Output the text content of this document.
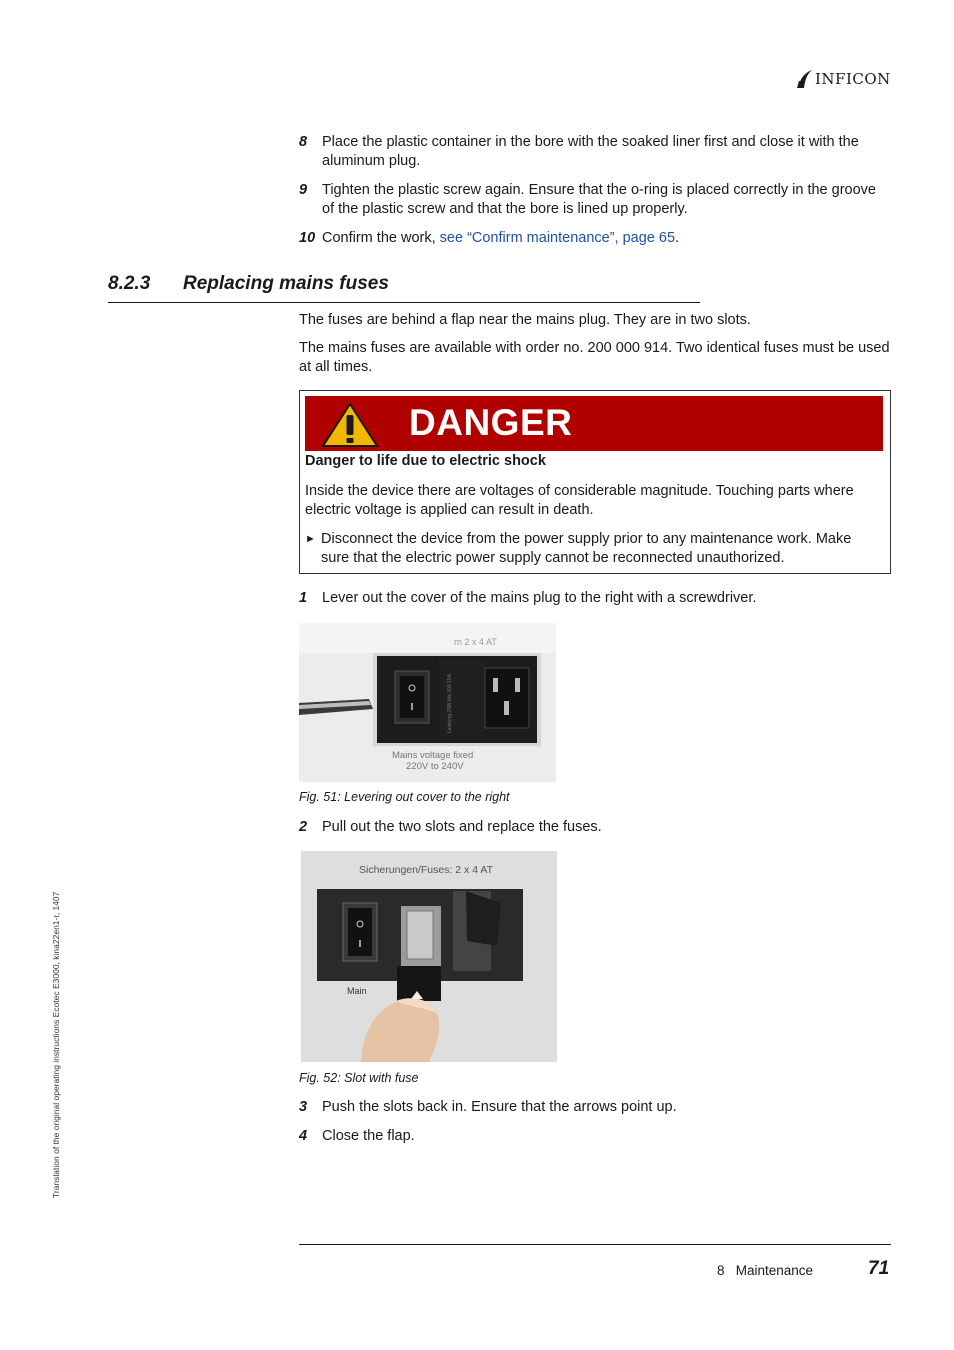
INFICON
8 Place the plastic container in the bore with the soaked liner first and close it with the aluminum plug.
9 Tighten the plastic screw again. Ensure that the o-ring is placed correctly in the groove of the plastic screw and that the bore is lined up properly.
10 Confirm the work, see “Confirm maintenance”, page 65.
8.2.3 Replacing mains fuses
The fuses are behind a flap near the mains plug. They are in two slots.
The mains fuses are available with order no. 200 000 914. Two identical fuses must be used at all times.
DANGER
Danger to life due to electric shock
Inside the device there are voltages of considerable magnitude. Touching parts where electric voltage is applied can result in death.
► Disconnect the device from the power supply prior to any maintenance work. Make sure that the electric power supply cannot be reconnected unauthorized.
1 Lever out the cover of the mains plug to the right with a screwdriver.
rn 2 x 4 AT
Leistung 25W Ma 200 10A
Mains voltage fixed
220V to 240V
Fig. 51: Levering out cover to the right
2 Pull out the two slots and replace the fuses.
Sicherungen/Fuses: 2 x 4 AT
Main
Fig. 52: Slot with fuse
3 Push the slots back in. Ensure that the arrows point up.
4 Close the flap.
Translation of the original operating instructions Ecotec E3000, kina22en1-r, 1407
8   Maintenance	71
